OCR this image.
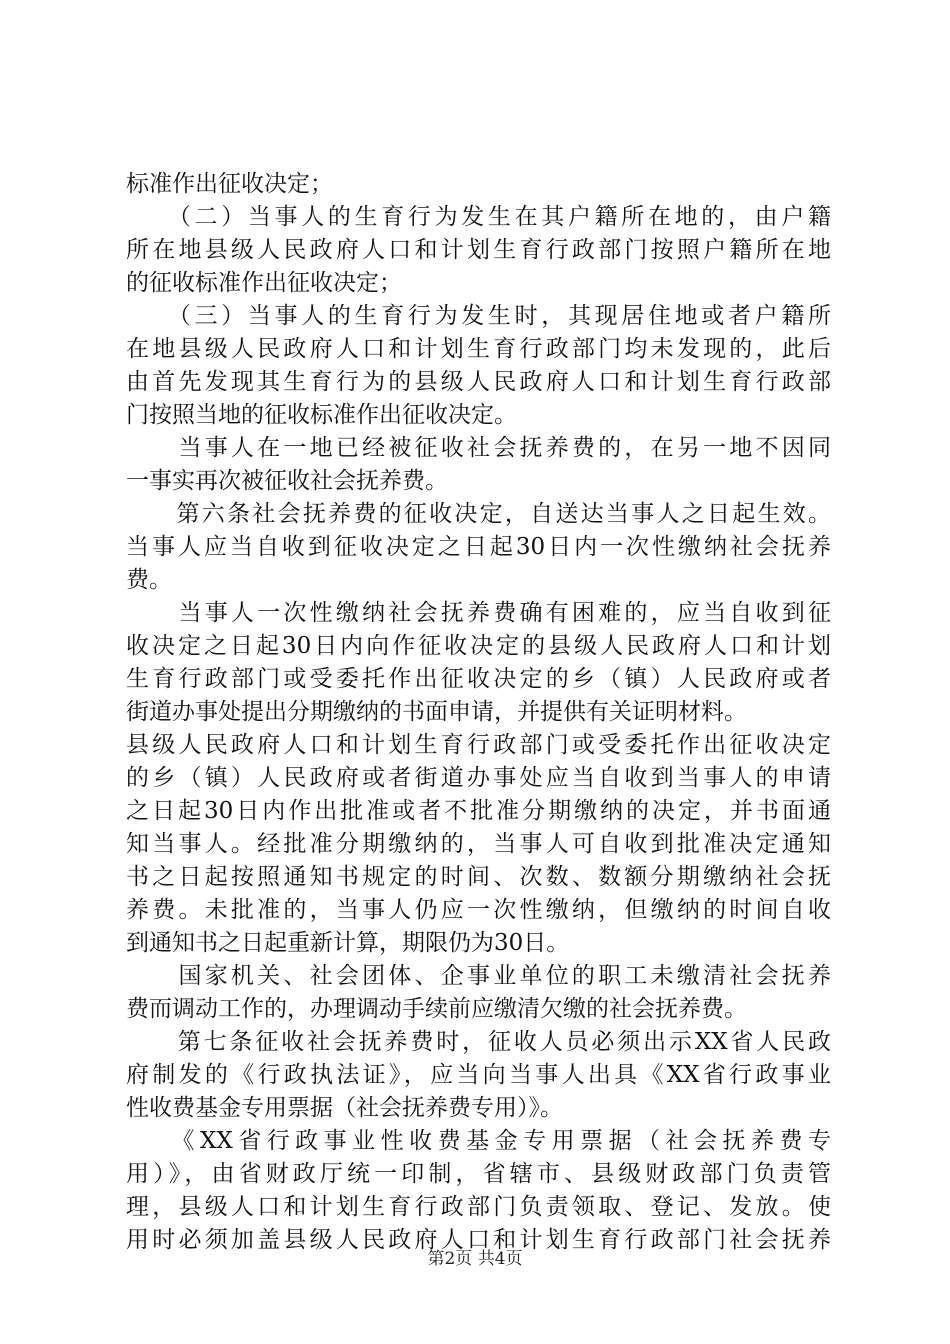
标准作出征收决定；
　　（二）当事人的生育行为发生在其户籍所在地的，由户籍
所在地县级人民政府人口和计划生育行政部门按照户籍所在地
的征收标准作出征收决定；
　　（三）当事人的生育行为发生时，其现居住地或者户籍所
在地县级人民政府人口和计划生育行政部门均未发现的，此后
由首先发现其生育行为的县级人民政府人口和计划生育行政部
门按照当地的征收标准作出征收决定。
　　当事人在一地已经被征收社会抚养费的，在另一地不因同
一事实再次被征收社会抚养费。
　　第六条社会抚养费的征收决定，自送达当事人之日起生效。
当事人应当自收到征收决定之日起30日内一次性缴纳社会抚养
费。
　　当事人一次性缴纳社会抚养费确有困难的，应当自收到征
收决定之日起30日内向作征收决定的县级人民政府人口和计划
生育行政部门或受委托作出征收决定的乡（镇）人民政府或者
街道办事处提出分期缴纳的书面申请，并提供有关证明材料。
县级人民政府人口和计划生育行政部门或受委托作出征收决定
的乡（镇）人民政府或者街道办事处应当自收到当事人的申请
之日起30日内作出批准或者不批准分期缴纳的决定，并书面通
知当事人。经批准分期缴纳的，当事人可自收到批准决定通知
书之日起按照通知书规定的时间、次数、数额分期缴纳社会抚
养费。未批准的，当事人仍应一次性缴纳，但缴纳的时间自收
到通知书之日起重新计算，期限仍为30日。
　　国家机关、社会团体、企事业单位的职工未缴清社会抚养
费而调动工作的，办理调动手续前应缴清欠缴的社会抚养费。
　　第七条征收社会抚养费时，征收人员必须出示XX省人民政
府制发的《行政执法证》，应当向当事人出具《XX省行政事业
性收费基金专用票据（社会抚养费专用）》。
　　《XX省行政事业性收费基金专用票据（社会抚养费专
用）》，由省财政厅统一印制，省辖市、县级财政部门负责管
理，县级人口和计划生育行政部门负责领取、登记、发放。使
用时必须加盖县级人民政府人口和计划生育行政部门社会抚养
第2页 共4页
